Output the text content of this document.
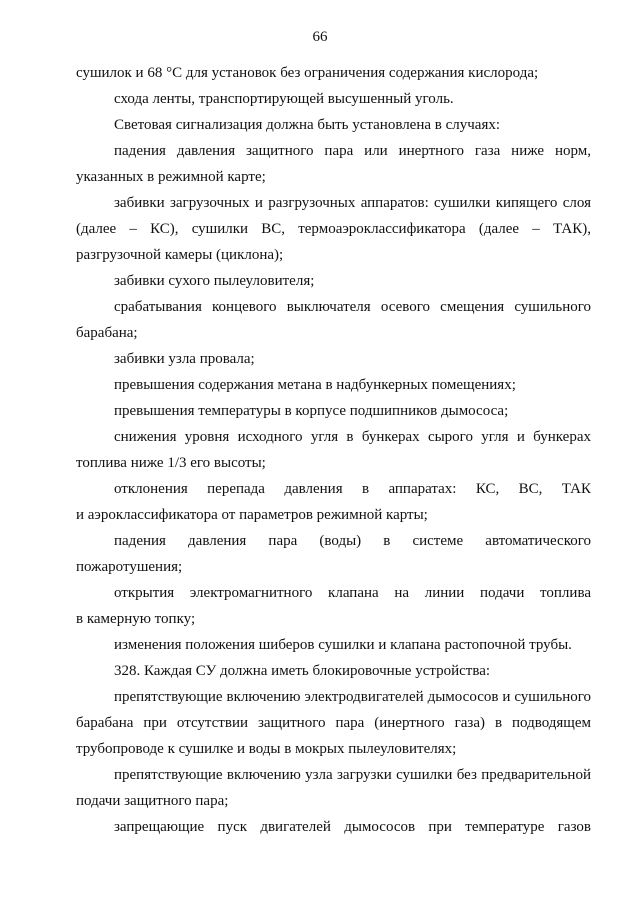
66
сушилок и 68 °С для установок без ограничения содержания кислорода;
схода ленты, транспортирующей высушенный уголь.
Световая сигнализация должна быть установлена в случаях:
падения давления защитного пара или инертного газа ниже норм,
указанных в режимной карте;
забивки загрузочных и разгрузочных аппаратов: сушилки кипящего слоя
(далее – КС), сушилки ВС, термоаэроклассификатора (далее – ТАК),
разгрузочной камеры (циклона);
забивки сухого пылеуловителя;
срабатывания концевого выключателя осевого смещения сушильного
барабана;
забивки узла провала;
превышения содержания метана в надбункерных помещениях;
превышения температуры в корпусе подшипников дымососа;
снижения уровня исходного угля в бункерах сырого угля и бункерах
топлива ниже 1/3 его высоты;
отклонения перепада давления в аппаратах: КС, ВС, ТАК
и аэроклассификатора от параметров режимной карты;
падения давления пара (воды) в системе автоматического
пожаротушения;
открытия электромагнитного клапана на линии подачи топлива
в камерную топку;
изменения положения шиберов сушилки и клапана растопочной трубы.
328. Каждая СУ должна иметь блокировочные устройства:
препятствующие включению электродвигателей дымососов и сушильного
барабана при отсутствии защитного пара (инертного газа) в подводящем
трубопроводе к сушилке и воды в мокрых пылеуловителях;
препятствующие включению узла загрузки сушилки без предварительной
подачи защитного пара;
запрещающие пуск двигателей дымососов при температуре газов
